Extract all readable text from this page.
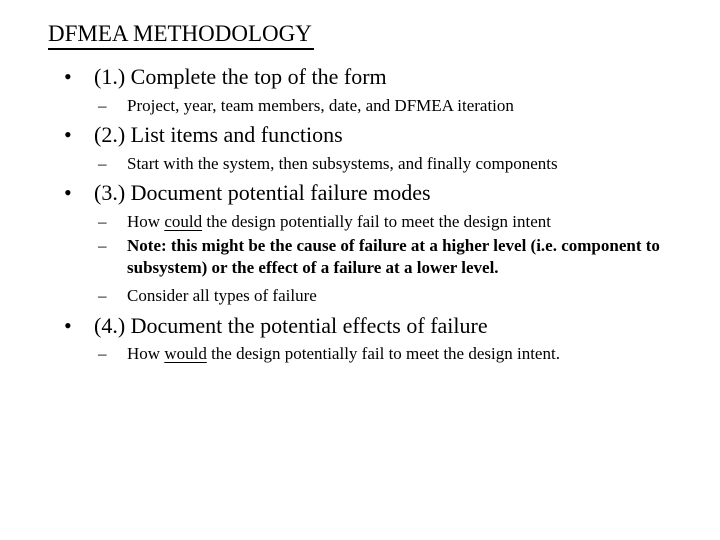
DFMEA METHODOLOGY
• (1.) Complete the top of the form
– Project, year, team members, date, and DFMEA iteration
• (2.) List items and functions
– Start with the system, then subsystems, and finally components
• (3.) Document potential failure modes
– How could the design potentially fail to meet the design intent
– Note: this might be the cause of failure at a higher level (i.e. component to subsystem) or the effect of a failure at a lower level.
– Consider all types of failure
• (4.) Document the potential effects of failure
– How would the design potentially fail to meet the design intent.
